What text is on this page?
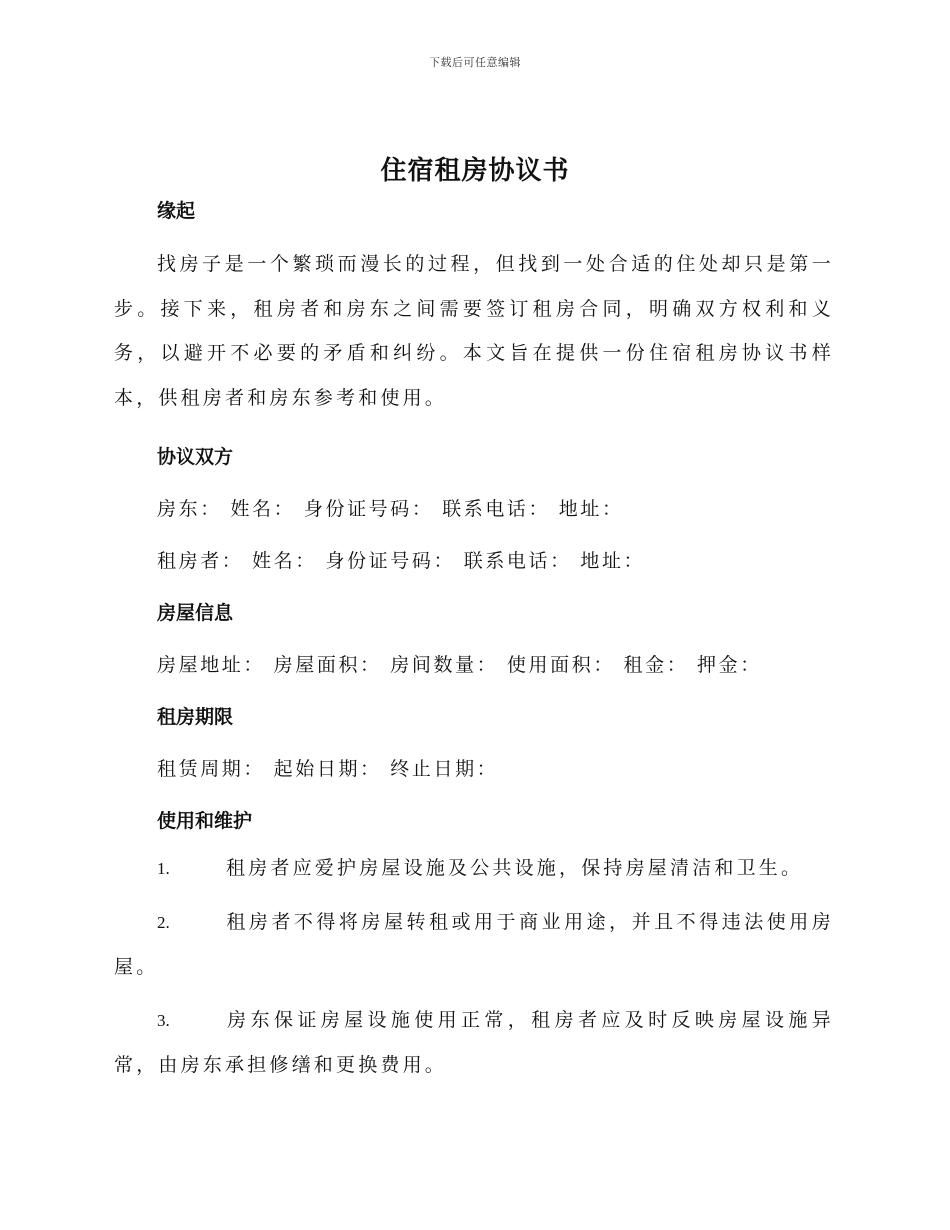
下载后可任意编辑
住宿租房协议书
缘起
找房子是一个繁琐而漫长的过程，但找到一处合适的住处却只是第一步。接下来，租房者和房东之间需要签订租房合同，明确双方权利和义务，以避开不必要的矛盾和纠纷。本文旨在提供一份住宿租房协议书样本，供租房者和房东参考和使用。
协议双方
房东： 姓名： 身份证号码： 联系电话： 地址：
租房者： 姓名： 身份证号码： 联系电话： 地址：
房屋信息
房屋地址： 房屋面积： 房间数量： 使用面积： 租金： 押金：
租房期限
租赁周期： 起始日期： 终止日期：
使用和维护
1.	租房者应爱护房屋设施及公共设施，保持房屋清洁和卫生。
2.	租房者不得将房屋转租或用于商业用途，并且不得违法使用房屋。
3.	房东保证房屋设施使用正常，租房者应及时反映房屋设施异常，由房东承担修缮和更换费用。
